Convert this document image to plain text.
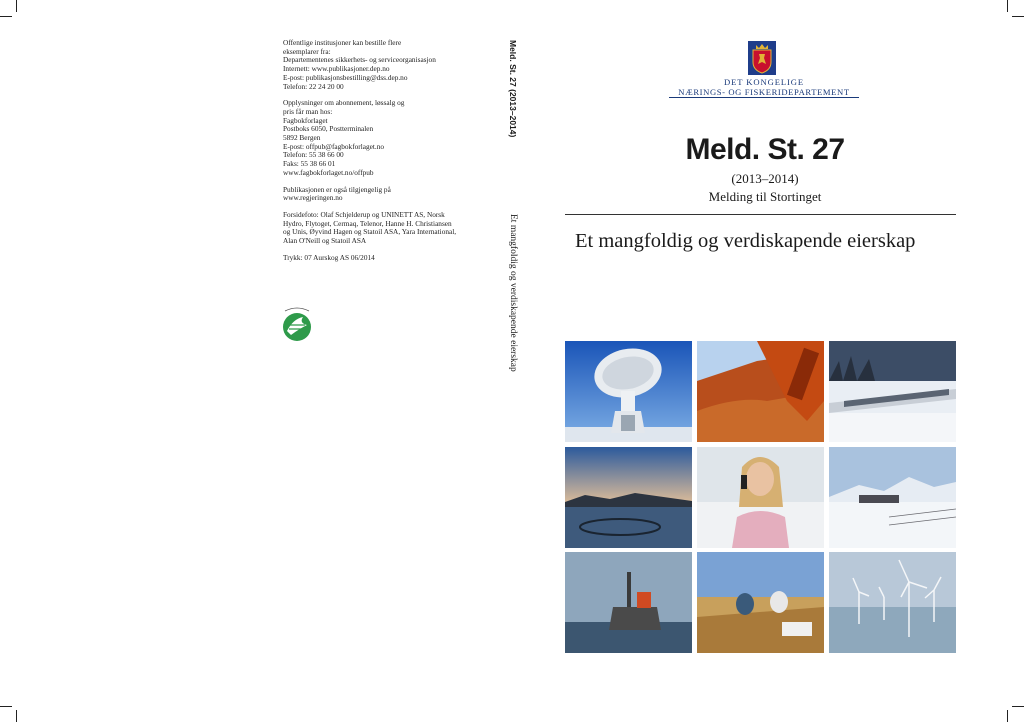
Offentlige institusjoner kan bestille flere
eksemplarer fra:
Departementenes sikkerhets- og serviceorganisasjon
Internett: www.publikasjoner.dep.no
E-post: publikasjonsbestilling@dss.dep.no
Telefon: 22 24 20 00

Opplysninger om abonnement, løssalg og
pris får man hos:
Fagbokforlaget
Postboks 6050, Postterminalen
5892 Bergen
E-post: offpub@fagbokforlaget.no
Telefon: 55 38 66 00
Faks: 55 38 66 01
www.fagbokforlaget.no/offpub

Publikasjonen er også tilgjengelig på
www.regjeringen.no

Forsidefoto: Olaf Schjelderup og UNINETT AS, Norsk
Hydro, Flytoget, Cermaq, Telenor, Hanne H. Christiansen
og Unis, Øyvind Hagen og Statoil ASA, Yara International,
Alan O'Neill og Statoil ASA

Trykk: 07 Aurskog AS 06/2014

Meld. St. 27 (2013–2014)
Et mangfoldig og verdiskapende eierskap
DET KONGELIGE
NÆRINGS- OG FISKERIDEPARTEMENT
Meld. St. 27
(2013–2014)
Melding til Stortinget
Et mangfoldig og verdiskapende eierskap
